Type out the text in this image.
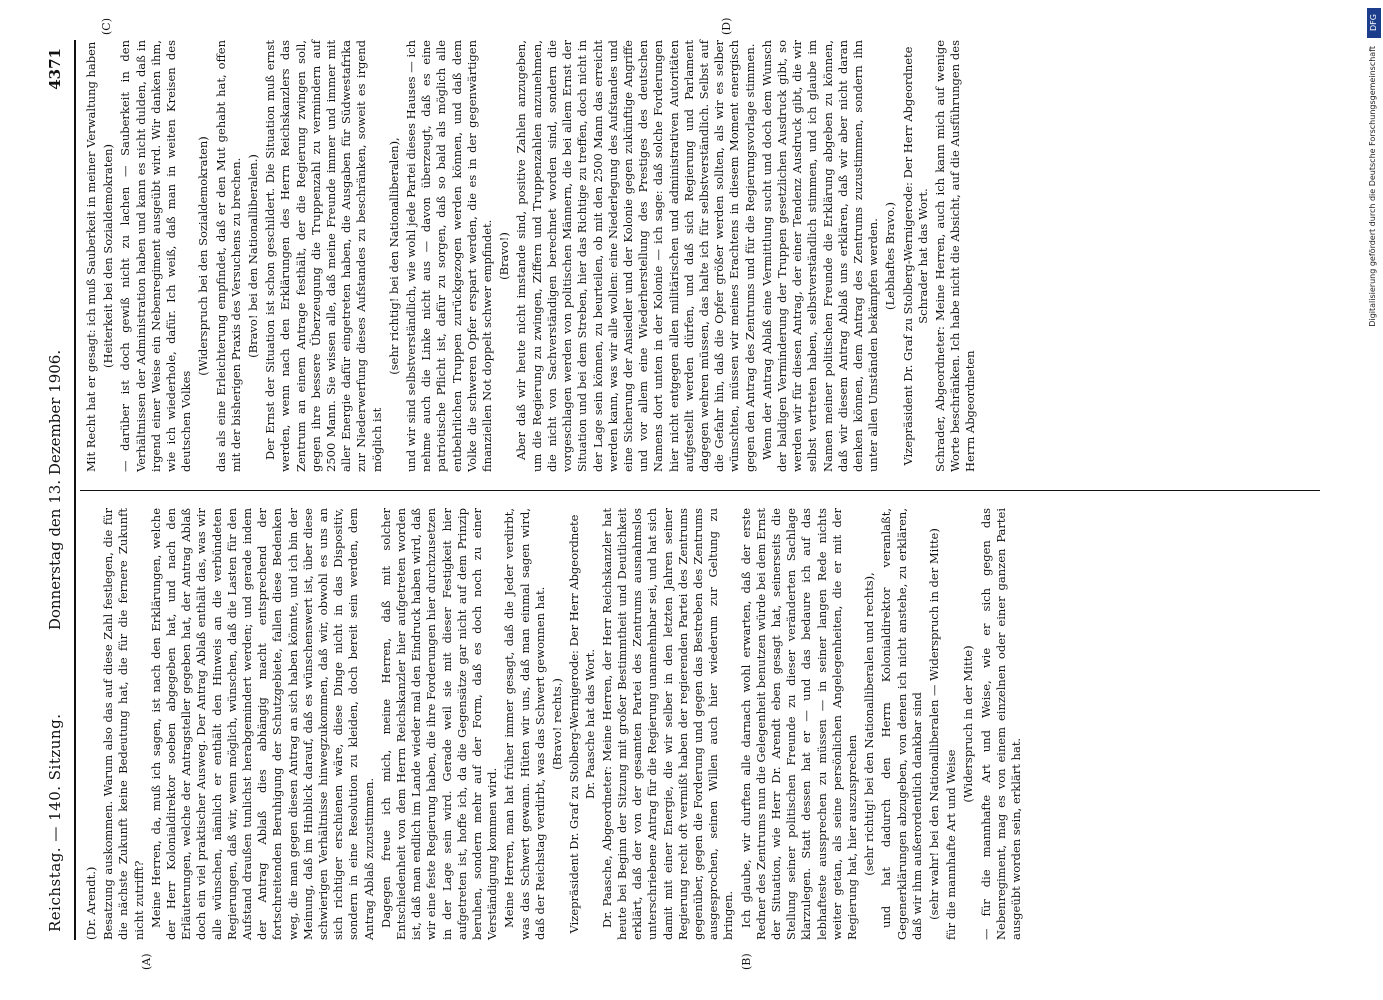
Reichstag. — 140. Sitzung.
Donnerstag den 13. Dezember 1906.
4371
(A)	(B)
(C)	(D)

(Dr. Arendt.) Besatzung auskommen. Warum also das auf diese Zahl festlegen, die für die nächste Zukunft keine Bedeutung hat, die für die fernere Zukunft nicht zutrifft? Meine Herren, da, muß ich sagen, ist nach den Erklärungen, welche der Herr Kolonialdirektor soeben abgegeben hat, und nach den Erläuterungen, welche der Antragsteller gegeben hat, der Antrag Ablaß doch ein viel praktischer Ausweg. Der Antrag Ablaß enthält das, was wir alle wünschen, nämlich er enthält den Hinweis an die verbündeten Regierungen, daß wir, wenn möglich, wünschen, daß die Lasten für den Aufstand draußen tunlichst herabgemindert werden; und gerade indem der Antrag Ablaß dies abhängig macht entsprechend der fortschreitenden Beruhigung der Schutzgebiete, fallen diese Bedenken weg, die man gegen diesen Antrag an sich haben könnte, und ich bin der Meinung, daß im Hinblick darauf, daß es wünschenswert ist, über diese schwierigen Verhältnisse hinwegzukommen, daß wir, obwohl es uns an sich richtiger erschienen wäre, diese Dinge nicht in das Dispositiv, sondern in eine Resolution zu kleiden, doch bereit sein werden, dem Antrag Ablaß zuzustimmen. Dagegen freue ich mich, meine Herren, daß mit solcher Entschiedenheit von dem Herrn Reichskanzler hier aufgetreten worden ist, daß man endlich im Lande wieder mal den Eindruck haben wird, daß wir eine feste Regierung haben, die ihre Forderungen hier durchzusetzen in der Lage sein wird. Gerade weil sie mit dieser Festigkeit hier aufgetreten ist, hoffe ich, da die Gegensätze gar nicht auf dem Prinzip beruhen, sondern mehr auf der Form, daß es doch noch zu einer Verständigung kommen wird. Meine Herren, man hat früher immer gesagt, daß die Jeder verdirbt, was das Schwert gewann. Hüten wir uns, daß man einmal sagen wird, daß der Reichstag verdirbt, was das Schwert gewonnen hat. (Bravo! rechts.) Vizepräsident Dr. Graf zu Stolberg-Wernigerode: Der Herr Abgeordnete Dr. Paasche hat das Wort. Dr. Paasche, Abgeordneter: Meine Herren, der Herr Reichskanzler hat heute bei Beginn der Sitzung mit großer Bestimmtheit und Deutlichkeit erklärt, daß der von der gesamten Partei des Zentrums ausnahmslos unterschriebene Antrag für die Regierung unannehmbar sei, und hat sich damit mit einer Energie, die wir selber in den letzten Jahren seiner Regierung recht oft vermißt haben der regierenden Partei des Zentrums gegenüber, gegen die Forderung und gegen das Bestreben des Zentrums ausgesprochen, seinen Willen auch hier wiederum zur Geltung zu bringen. Ich glaube, wir durften alle darnach wohl erwarten, daß der erste Redner des Zentrums nun die Gelegenheit benutzen würde bei dem Ernst der Situation, wie Herr Dr. Arendt eben gesagt hat, seinerseits die Stellung seiner politischen Freunde zu dieser veränderten Sachlage klarzulegen. Statt dessen hat er — und das bedaure ich auf das lebhafteste aussprechen zu müssen — in seiner langen Rede nichts weiter getan, als seine persönlichen Angelegenheiten, die er mit der Regierung hat, hier auszusprechen (sehr richtig! bei den Nationalliberalen und rechts), und hat dadurch den Herrn Kolonialdirektor veranlaßt, Gegenerklärungen abzugeben, von denen ich nicht anstehe, zu erklären, daß wir ihm außerordentlich dankbar sind (sehr wahr! bei den Nationalliberalen — Widerspruch in der Mitte) für die mannhafte Art und Weise

(Widerspruch in der Mitte) — für die mannhafte Art und Weise, wie er sich gegen das Nebenregiment, mag es von einem einzelnen oder einer ganzen Partei ausgeübt worden sein, erklärt hat.

Mit Recht hat er gesagt: ich muß Sauberkeit in meiner Verwaltung haben (Heiterkeit bei den Sozialdemokraten) — darüber ist doch gewiß nicht zu lachen — Sauberkeit in den Verhältnissen der Administration haben und kann es nicht dulden, daß in irgend einer Weise ein Nebenregiment ausgeübt wird. Wir danken ihm, wie ich wiederhole, dafür. Ich weiß, daß man in weiten Kreisen des deutschen Volkes

(Widerspruch bei den Sozialdemokraten) das als eine Erleichterung empfindet, daß er den Mut gehabt hat, offen mit der bisherigen Praxis des Versuchens zu brechen. (Bravo! bei den Nationalliberalen.) Der Ernst der Situation ist schon geschildert. Die Situation muß ernst werden, wenn nach den Erklärungen des Herrn Reichskanzlers das Zentrum an einem Antrage festhält, der die Regierung zwingen soll, gegen ihre bessere Überzeugung die Truppenzahl zu vermindern auf 2500 Mann. Sie wissen alle, daß meine Freunde immer und immer mit aller Energie dafür eingetreten haben, die Ausgaben für Südwestafrika zur Niederwerfung dieses Aufstandes zu beschränken, soweit es irgend möglich ist

(sehr richtig! bei den Nationalliberalen), und wir sind selbstverständlich, wie wohl jede Partei dieses Hauses — ich nehme auch die Linke nicht aus — davon überzeugt, daß es eine patriotische Pflicht ist, dafür zu sorgen, daß so bald als möglich alle entbehrlichen Truppen zurückgezogen werden können, und daß dem Volke die schweren Opfer erspart werden, die es in der gegenwärtigen finanziellen Not doppelt schwer empfindet. (Bravo!) Aber daß wir heute nicht imstande sind, positive Zahlen anzugeben, um die Regierung zu zwingen, Ziffern und Truppenzahlen anzunehmen, die nicht von Sachverständigen berechnet worden sind, sondern die vorgeschlagen werden von politischen Männern, die bei allem Ernst der Situation und bei dem Streben, hier das Richtige zu treffen, doch nicht in der Lage sein können, zu beurteilen, ob mit den 2500 Mann das erreicht werden kann, was wir alle wollen: eine Niederlegung des Aufstandes und eine Sicherung der Ansiedler und der Kolonie gegen zukünftige Angriffe und vor allem eine Wiederherstellung des Prestiges des deutschen Namens dort unten in der Kolonie — ich sage: daß solche Forderungen hier nicht entgegen allen militärischen und administrativen Autoritäten aufgestellt werden dürfen, und daß sich Regierung und Parlament dagegen wehren müssen, das halte ich für selbstverständlich. Selbst auf die Gefahr hin, daß die Opfer größer werden sollten, als wir es selber wünschten, müssen wir meines Erachtens in diesem Moment energisch gegen den Antrag des Zentrums und für die Regierungsvorlage stimmen. Wenn der Antrag Ablaß eine Vermittlung sucht und doch dem Wunsch der baldigen Verminderung der Truppen gesetzlichen Ausdruck gibt, so werden wir für diesen Antrag, der einer Tendenz Ausdruck gibt, die wir selbst vertreten haben, selbstverständlich stimmen, und ich glaube im Namen meiner politischen Freunde die Erklärung abgeben zu können, daß wir diesem Antrag Ablaß uns erklären, daß wir aber nicht daran denken können, dem Antrag des Zentrums zuzustimmen, sondern ihn unter allen Umständen bekämpfen werden. (Lebhaftes Bravo.) Vizepräsident Dr. Graf zu Stolberg-Wernigerode: Der Herr Abgeordnete Schrader hat das Wort. Schrader, Abgeordneter: Meine Herren, auch ich kann mich auf wenige Worte beschränken. Ich habe nicht die Absicht, auf die Ausführungen des Herrn Abgeordneten

DFG
Digitalisierung gefördert durch die Deutsche Forschungsgemeinschaft
